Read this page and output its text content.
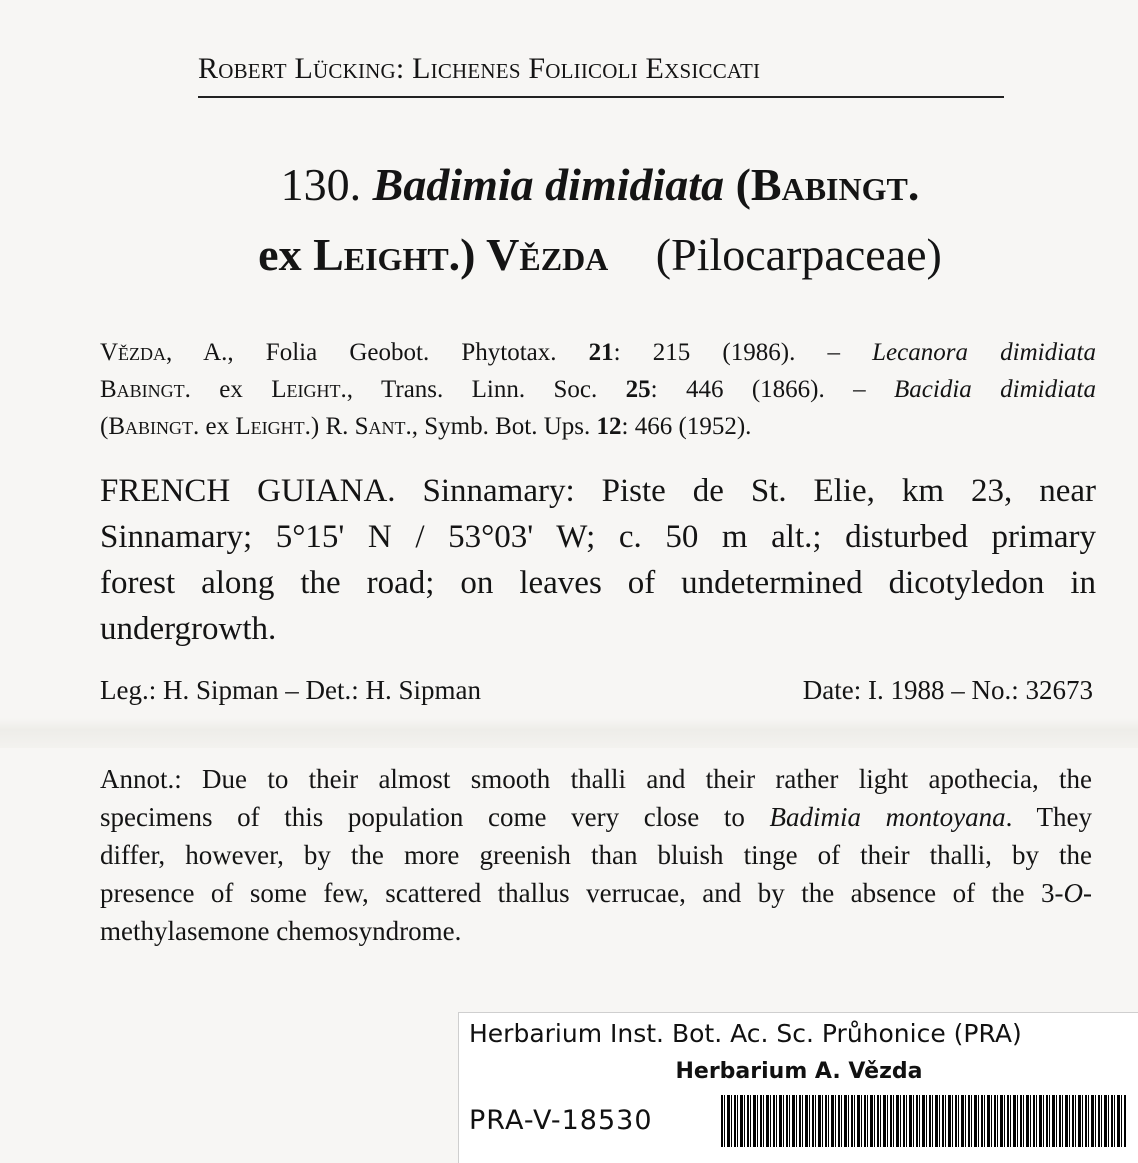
Robert Lücking: Lichenes Foliicoli Exsiccati
130. Badimia dimidiata (Babingt.
ex Leight.) Vězda (Pilocarpaceae)
Vězda, A., Folia Geobot. Phytotax. 21: 215 (1986). – Lecanora dimidiata
Babingt. ex Leight., Trans. Linn. Soc. 25: 446 (1866). – Bacidia dimidiata
(Babingt. ex Leight.) R. Sant., Symb. Bot. Ups. 12: 466 (1952).
FRENCH GUIANA. Sinnamary: Piste de St. Elie, km 23, near
Sinnamary; 5°15' N / 53°03' W; c. 50 m alt.; disturbed primary
forest along the road; on leaves of undetermined dicotyledon in
undergrowth.
Leg.: H. Sipman – Det.: H. Sipman	Date: I. 1988 – No.: 32673
Annot.: Due to their almost smooth thalli and their rather light apothecia, the
specimens of this population come very close to Badimia montoyana. They
differ, however, by the more greenish than bluish tinge of their thalli, by the
presence of some few, scattered thallus verrucae, and by the absence of the 3-O-
methylasemone chemosyndrome.
Herbarium Inst. Bot. Ac. Sc. Průhonice (PRA)
Herbarium A. Vězda
PRA-V-18530
